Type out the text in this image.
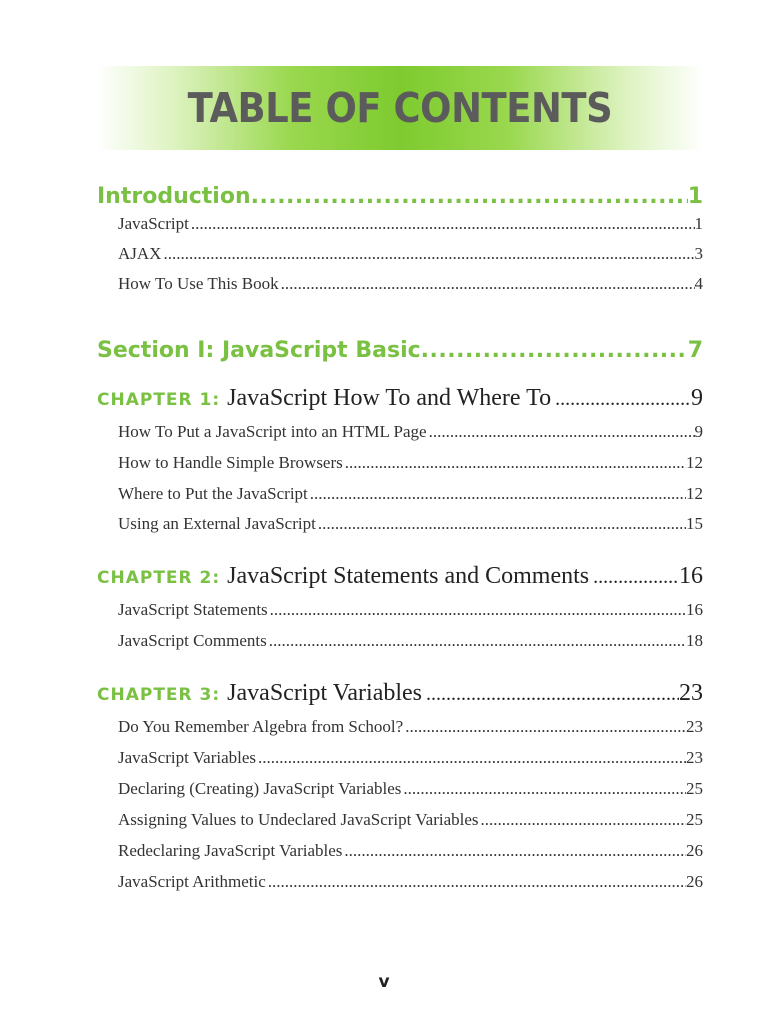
TABLE OF CONTENTS
Introduction .....	1
JavaScript .....	1
AJAX .....	3
How To Use This Book .....	4
Section I: JavaScript Basic .....	7
CHAPTER 1: JavaScript How To and Where To .....	9
How To Put a JavaScript into an HTML Page .....	9
How to Handle Simple Browsers .....	12
Where to Put the JavaScript .....	12
Using an External JavaScript .....	15
CHAPTER 2: JavaScript Statements and Comments .....	16
JavaScript Statements .....	16
JavaScript Comments .....	18
CHAPTER 3: JavaScript Variables .....	23
Do You Remember Algebra from School? .....	23
JavaScript Variables .....	23
Declaring (Creating) JavaScript Variables .....	25
Assigning Values to Undeclared JavaScript Variables .....	25
Redeclaring JavaScript Variables .....	26
JavaScript Arithmetic .....	26
v
